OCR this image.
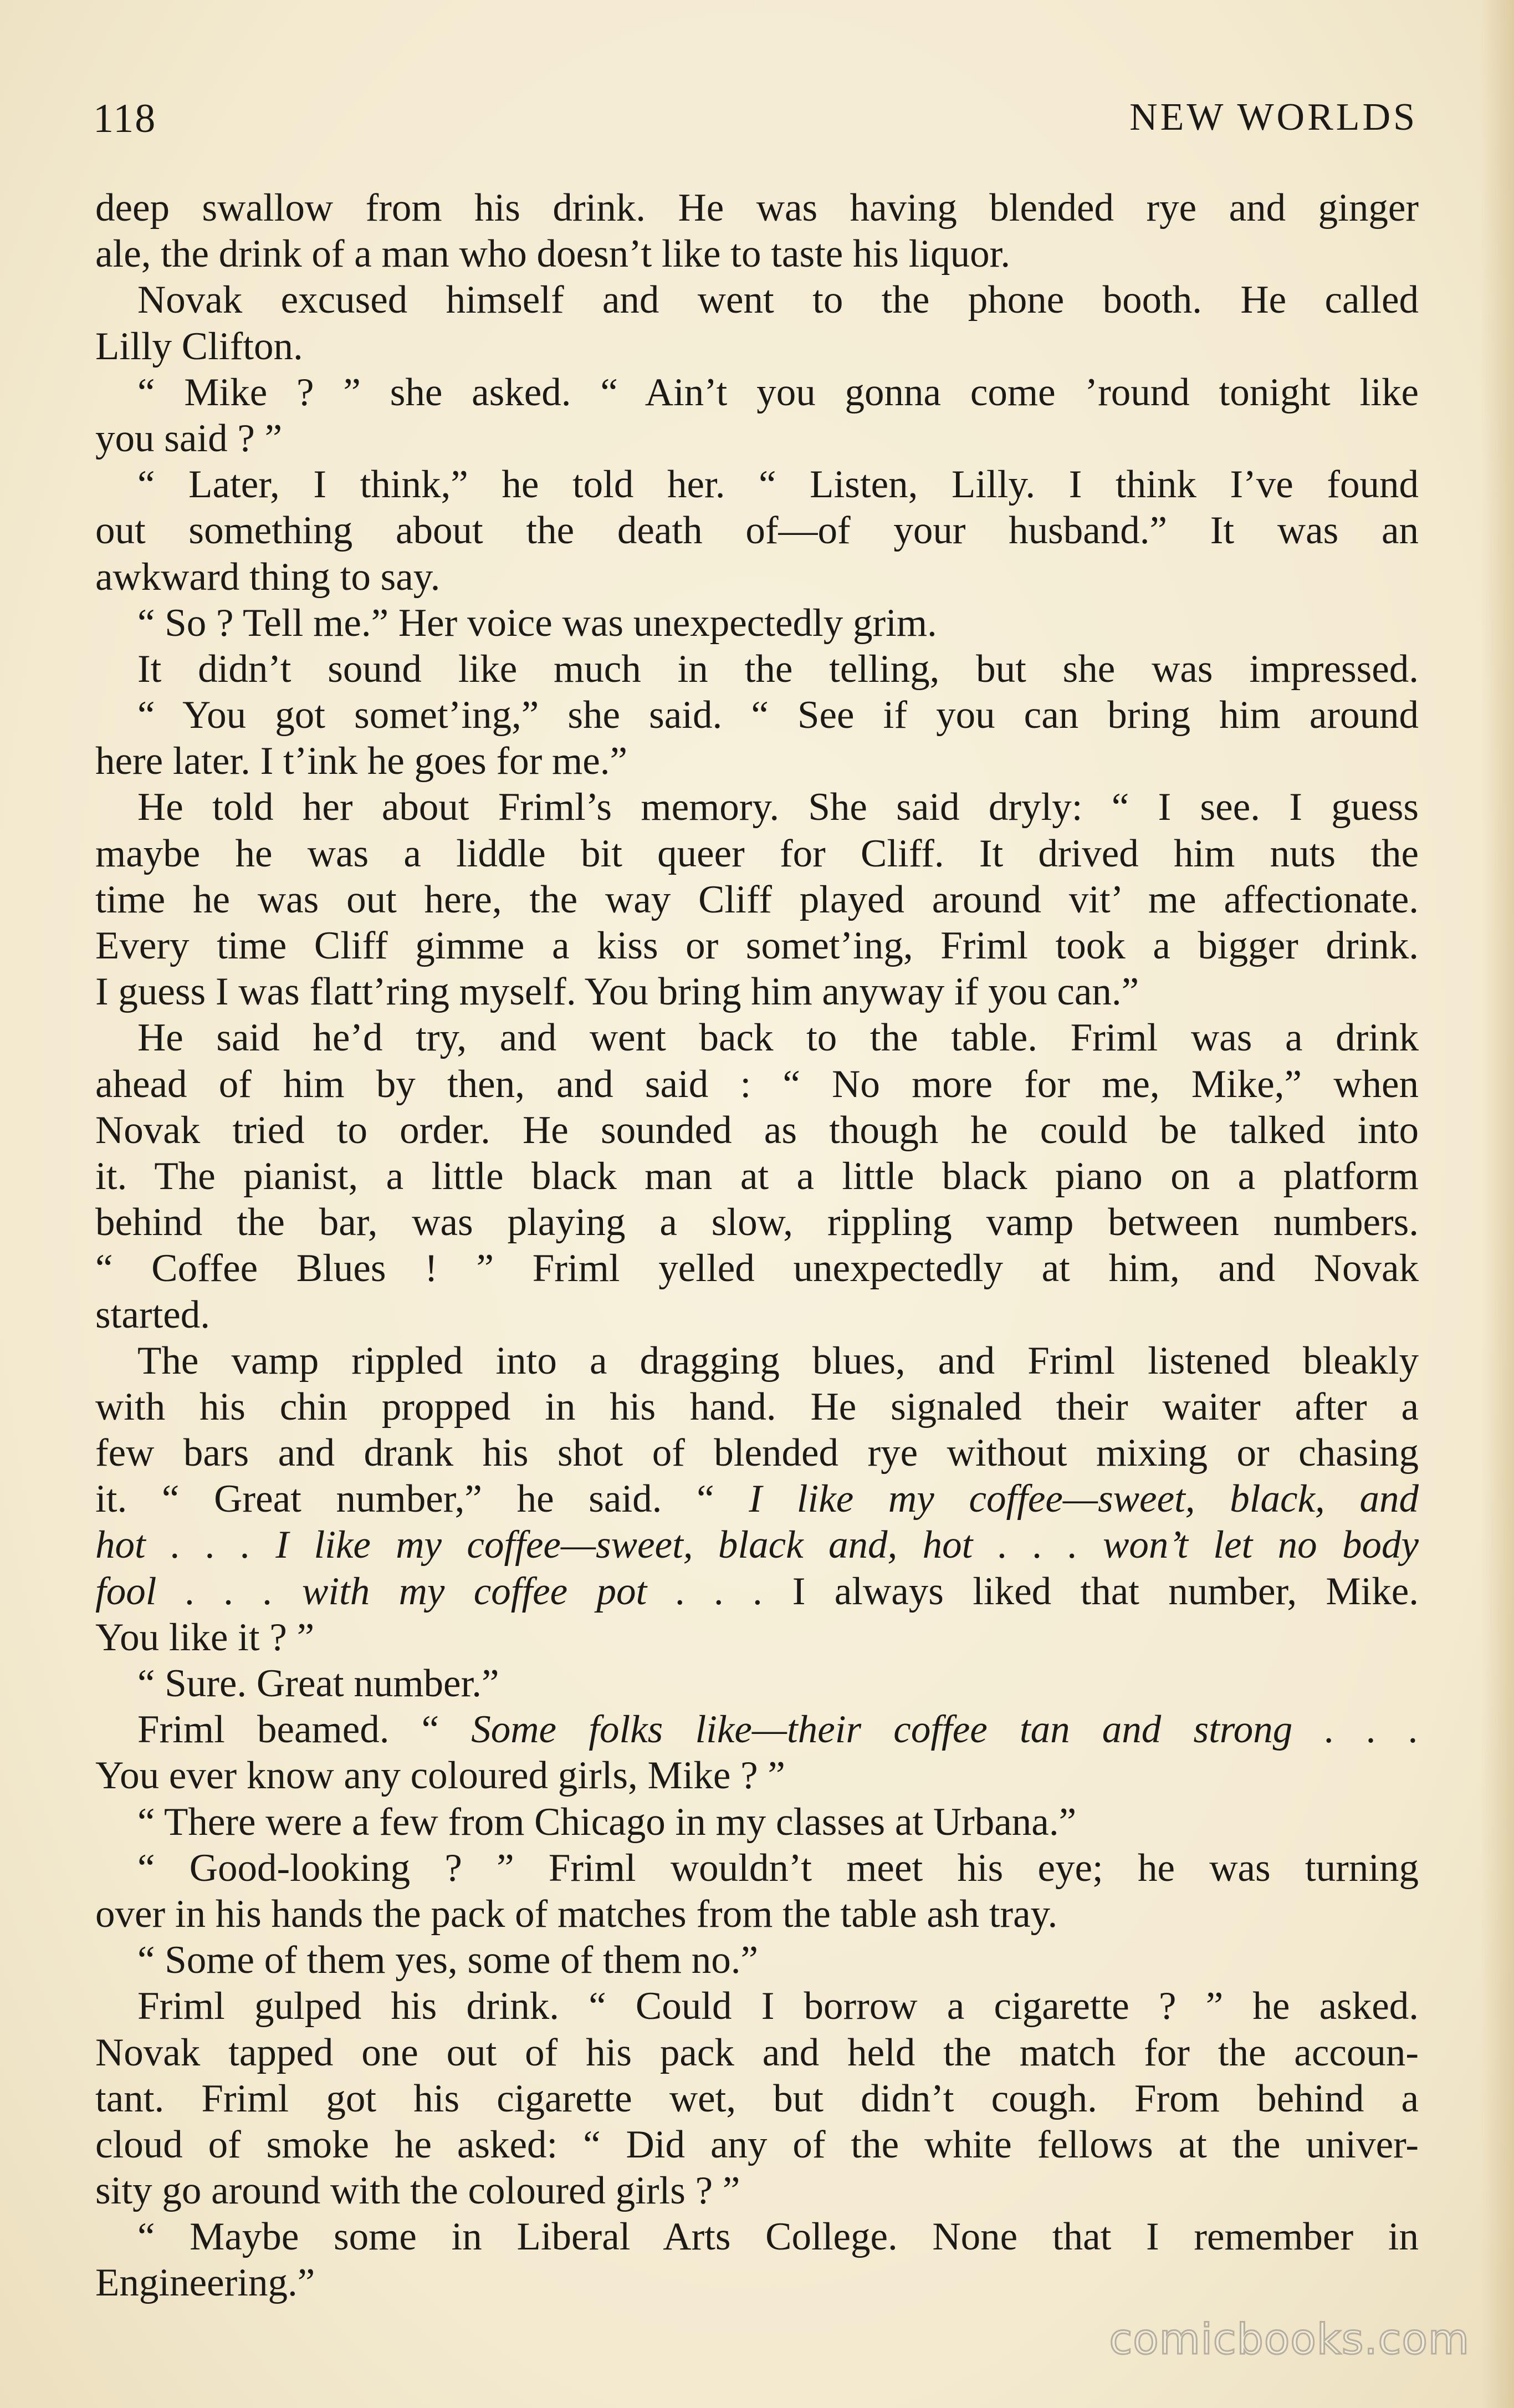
118	NEW WORLDS
deep swallow from his drink. He was having blended rye and ginger
ale, the drink of a man who doesn’t like to taste his liquor.
Novak excused himself and went to the phone booth. He called
Lilly Clifton.
“ Mike ? ” she asked. “ Ain’t you gonna come ’round tonight like
you said ? ”
“ Later, I think,” he told her. “ Listen, Lilly. I think I’ve found
out something about the death of—of your husband.” It was an
awkward thing to say.
“ So ? Tell me.” Her voice was unexpectedly grim.
It didn’t sound like much in the telling, but she was impressed.
“ You got somet’ing,” she said. “ See if you can bring him around
here later. I t’ink he goes for me.”
He told her about Friml’s memory. She said dryly: “ I see. I guess
maybe he was a liddle bit queer for Cliff. It drived him nuts the
time he was out here, the way Cliff played around vit’ me affectionate.
Every time Cliff gimme a kiss or somet’ing, Friml took a bigger drink.
I guess I was flatt’ring myself. You bring him anyway if you can.”
He said he’d try, and went back to the table. Friml was a drink
ahead of him by then, and said : “ No more for me, Mike,” when
Novak tried to order. He sounded as though he could be talked into
it. The pianist, a little black man at a little black piano on a platform
behind the bar, was playing a slow, rippling vamp between numbers.
“ Coffee Blues ! ” Friml yelled unexpectedly at him, and Novak
started.
The vamp rippled into a dragging blues, and Friml listened bleakly
with his chin propped in his hand. He signaled their waiter after a
few bars and drank his shot of blended rye without mixing or chasing
it. “ Great number,” he said. “ I like my coffee—sweet, black, and
hot . . . I like my coffee—sweet, black and, hot . . . won’t let no body
fool . . . with my coffee pot . . . I always liked that number, Mike.
You like it ? ”
“ Sure. Great number.”
Friml beamed. “ Some folks like—their coffee tan and strong . . .
You ever know any coloured girls, Mike ? ”
“ There were a few from Chicago in my classes at Urbana.”
“ Good-looking ? ” Friml wouldn’t meet his eye; he was turning
over in his hands the pack of matches from the table ash tray.
“ Some of them yes, some of them no.”
Friml gulped his drink. “ Could I borrow a cigarette ? ” he asked.
Novak tapped one out of his pack and held the match for the accoun-
tant. Friml got his cigarette wet, but didn’t cough. From behind a
cloud of smoke he asked: “ Did any of the white fellows at the univer-
sity go around with the coloured girls ? ”
“ Maybe some in Liberal Arts College. None that I remember in
Engineering.”
comicbooks.com
